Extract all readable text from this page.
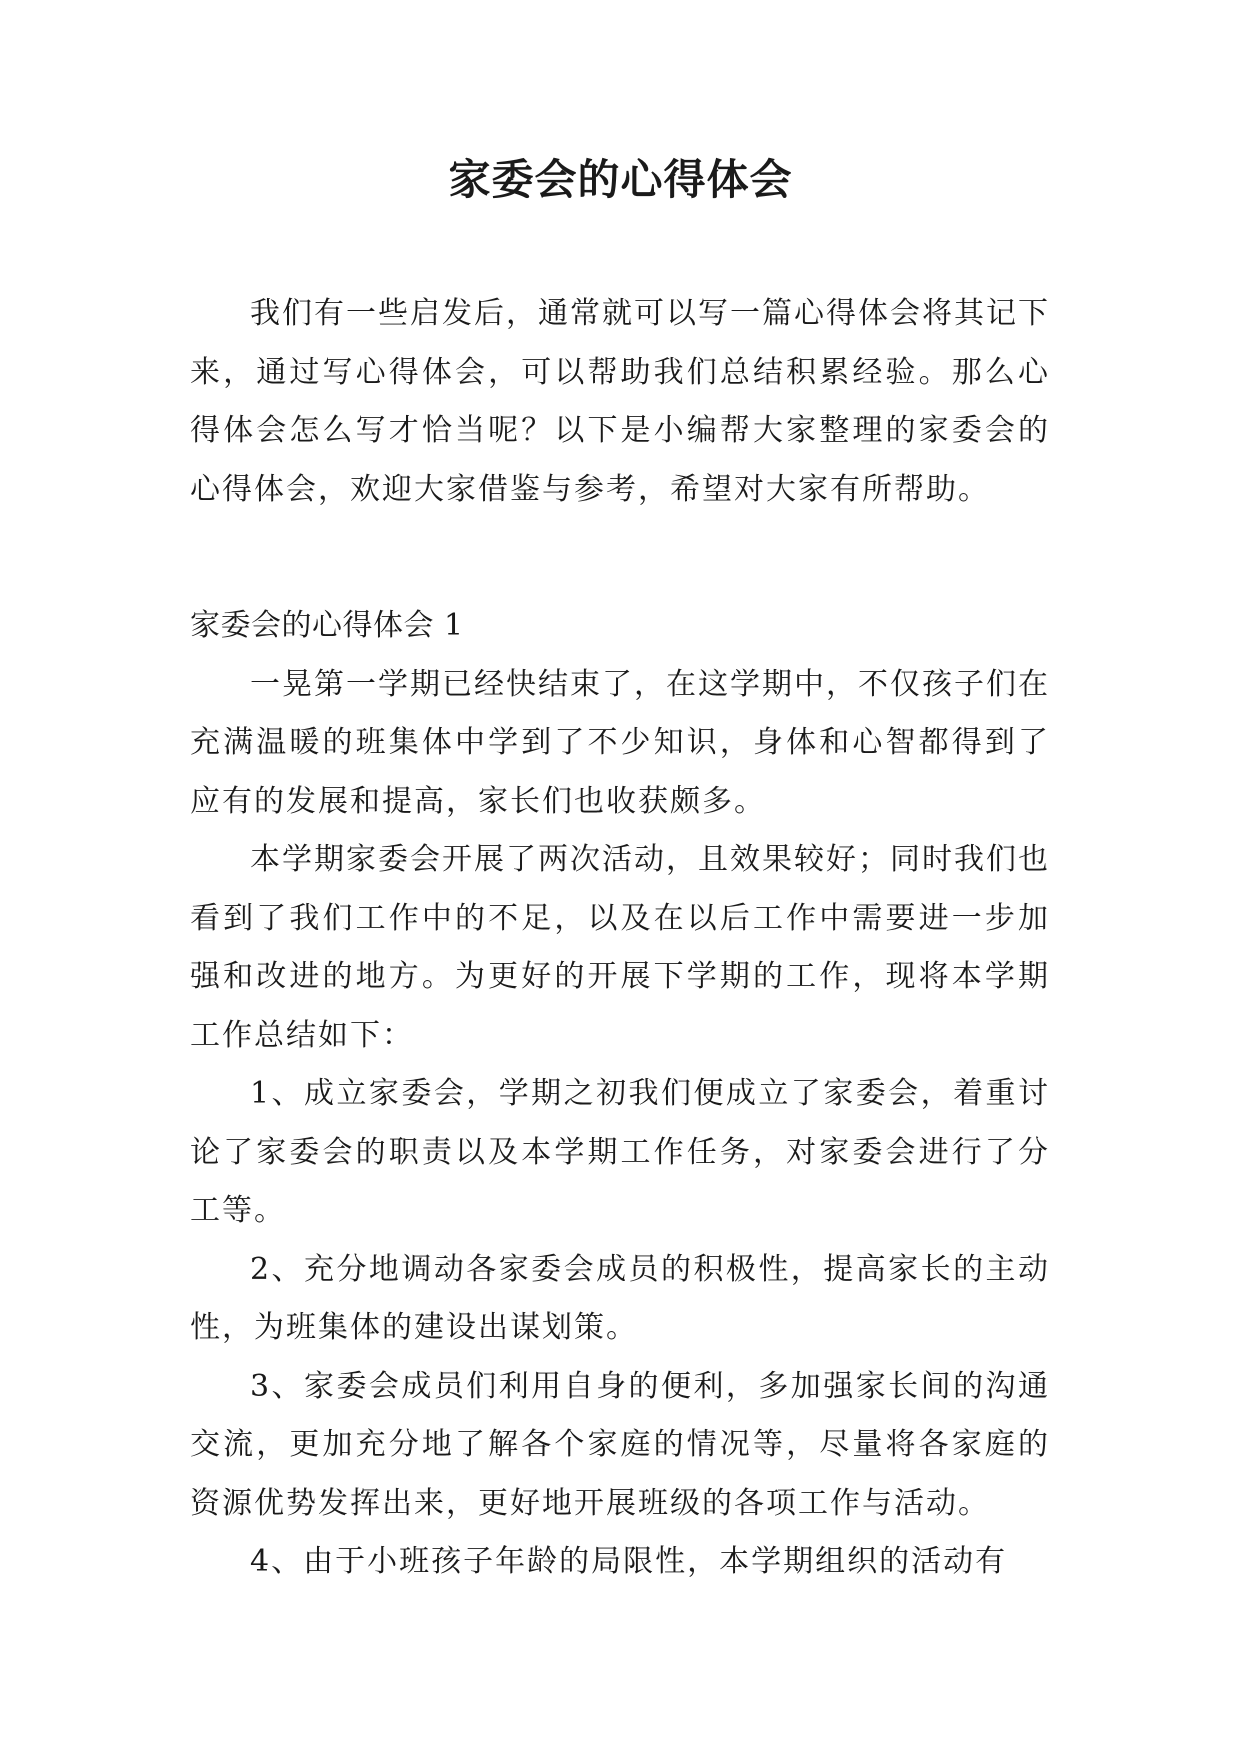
家委会的心得体会

我们有一些启发后，通常就可以写一篇心得体会将其记下来，通过写心得体会，可以帮助我们总结积累经验。那么心得体会怎么写才恰当呢？以下是小编帮大家整理的家委会的心得体会，欢迎大家借鉴与参考，希望对大家有所帮助。

家委会的心得体会 1

一晃第一学期已经快结束了，在这学期中，不仅孩子们在充满温暖的班集体中学到了不少知识，身体和心智都得到了应有的发展和提高，家长们也收获颇多。

本学期家委会开展了两次活动，且效果较好；同时我们也看到了我们工作中的不足，以及在以后工作中需要进一步加强和改进的地方。为更好的开展下学期的工作，现将本学期工作总结如下：

1、成立家委会，学期之初我们便成立了家委会，着重讨论了家委会的职责以及本学期工作任务，对家委会进行了分工等。

2、充分地调动各家委会成员的积极性，提高家长的主动性，为班集体的建设出谋划策。

3、家委会成员们利用自身的便利，多加强家长间的沟通交流，更加充分地了解各个家庭的情况等，尽量将各家庭的资源优势发挥出来，更好地开展班级的各项工作与活动。

4、由于小班孩子年龄的局限性，本学期组织的活动有
